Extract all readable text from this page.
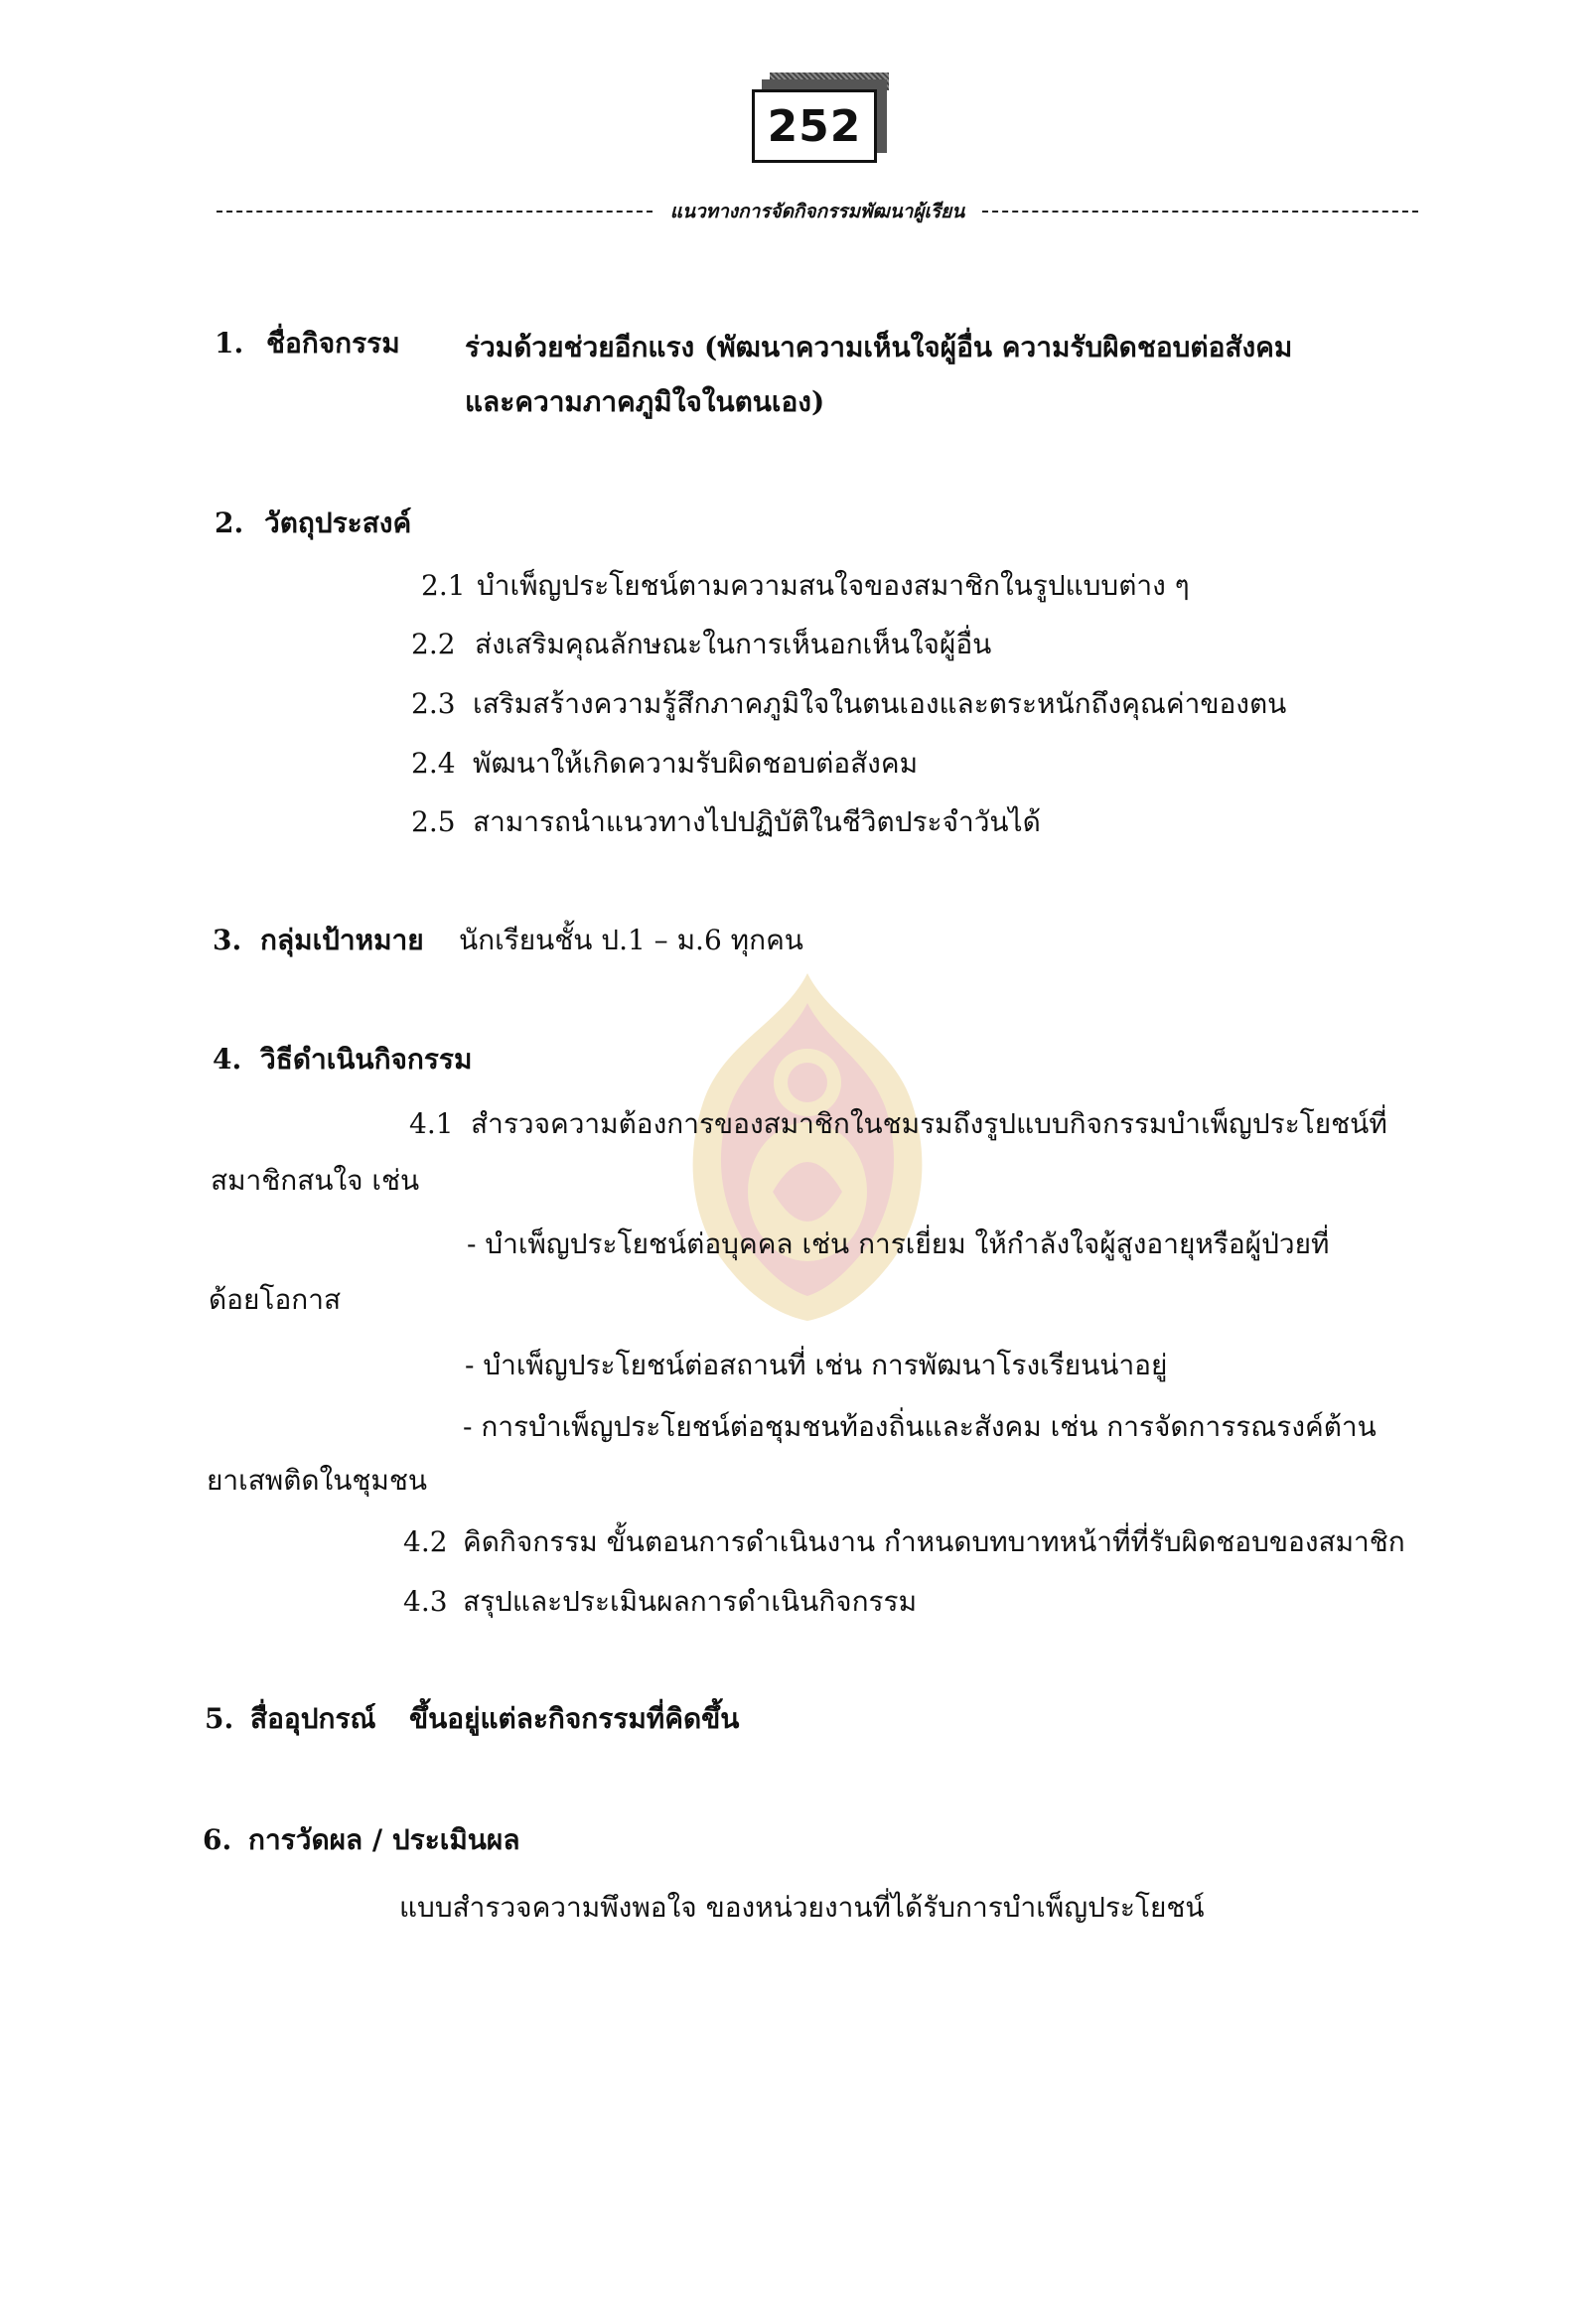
252
แนวทางการจัดกิจกรรมพัฒนาผู้เรียน
1. ชื่อกิจกรรม ร่วมด้วยช่วยอีกแรง (พัฒนาความเห็นใจผู้อื่น ความรับผิดชอบต่อสังคม
และความภาคภูมิใจในตนเอง)
2. วัตถุประสงค์
2.1 บำเพ็ญประโยชน์ตามความสนใจของสมาชิกในรูปแบบต่าง ๆ
2.2 ส่งเสริมคุณลักษณะในการเห็นอกเห็นใจผู้อื่น
2.3 เสริมสร้างความรู้สึกภาคภูมิใจในตนเองและตระหนักถึงคุณค่าของตน
2.4 พัฒนาให้เกิดความรับผิดชอบต่อสังคม
2.5 สามารถนำแนวทางไปปฏิบัติในชีวิตประจำวันได้
3. กลุ่มเป้าหมาย นักเรียนชั้น ป.1 – ม.6 ทุกคน
4. วิธีดำเนินกิจกรรม
4.1 สำรวจความต้องการของสมาชิกในชมรมถึงรูปแบบกิจกรรมบำเพ็ญประโยชน์ที่
สมาชิกสนใจ เช่น
- บำเพ็ญประโยชน์ต่อบุคคล เช่น การเยี่ยม ให้กำลังใจผู้สูงอายุหรือผู้ป่วยที่
ด้อยโอกาส
- บำเพ็ญประโยชน์ต่อสถานที่ เช่น การพัฒนาโรงเรียนน่าอยู่
- การบำเพ็ญประโยชน์ต่อชุมชนท้องถิ่นและสังคม เช่น การจัดการรณรงค์ต้าน
ยาเสพติดในชุมชน
4.2 คิดกิจกรรม ขั้นตอนการดำเนินงาน กำหนดบทบาทหน้าที่ที่รับผิดชอบของสมาชิก
4.3 สรุปและประเมินผลการดำเนินกิจกรรม
5. สื่ออุปกรณ์ ขึ้นอยู่แต่ละกิจกรรมที่คิดขึ้น
6. การวัดผล / ประเมินผล
แบบสำรวจความพึงพอใจ ของหน่วยงานที่ได้รับการบำเพ็ญประโยชน์
